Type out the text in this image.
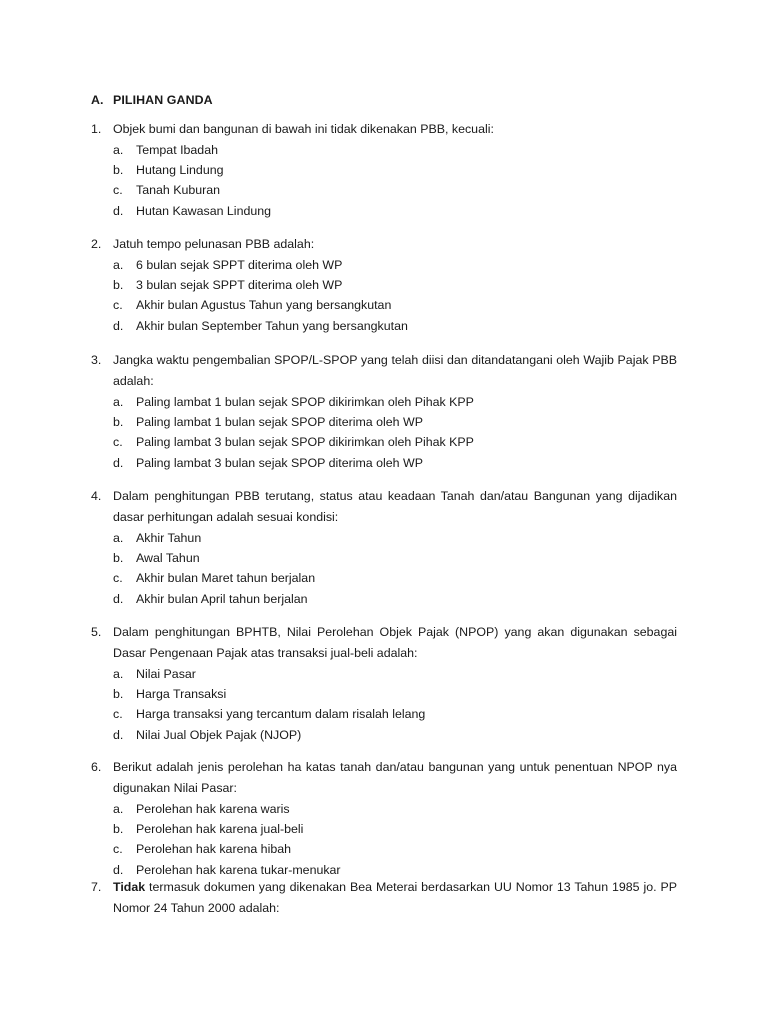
A. PILIHAN GANDA
1. Objek bumi dan bangunan di bawah ini tidak dikenakan PBB, kecuali:
a. Tempat Ibadah
b. Hutang Lindung
c. Tanah Kuburan
d. Hutan Kawasan Lindung
2. Jatuh tempo pelunasan PBB adalah:
a. 6 bulan sejak SPPT diterima oleh WP
b. 3 bulan sejak SPPT diterima oleh WP
c. Akhir bulan Agustus Tahun yang bersangkutan
d. Akhir bulan September Tahun yang bersangkutan
3. Jangka waktu pengembalian SPOP/L-SPOP yang telah diisi dan ditandatangani oleh Wajib Pajak PBB adalah:
a. Paling lambat 1 bulan sejak SPOP dikirimkan oleh Pihak KPP
b. Paling lambat 1 bulan sejak SPOP diterima oleh WP
c. Paling lambat 3 bulan sejak SPOP dikirimkan oleh Pihak KPP
d. Paling lambat 3 bulan sejak SPOP diterima oleh WP
4. Dalam penghitungan PBB terutang, status atau keadaan Tanah dan/atau Bangunan yang dijadikan dasar perhitungan adalah sesuai kondisi:
a. Akhir Tahun
b. Awal Tahun
c. Akhir bulan Maret tahun berjalan
d. Akhir bulan April tahun berjalan
5. Dalam penghitungan BPHTB, Nilai Perolehan Objek Pajak (NPOP) yang akan digunakan sebagai Dasar Pengenaan Pajak atas transaksi jual-beli adalah:
a. Nilai Pasar
b. Harga Transaksi
c. Harga transaksi yang tercantum dalam risalah lelang
d. Nilai Jual Objek Pajak (NJOP)
6. Berikut adalah jenis perolehan ha katas tanah dan/atau bangunan yang untuk penentuan NPOP nya digunakan Nilai Pasar:
a. Perolehan hak karena waris
b. Perolehan hak karena jual-beli
c. Perolehan hak karena hibah
d. Perolehan hak karena tukar-menukar
7. Tidak termasuk dokumen yang dikenakan Bea Meterai berdasarkan UU Nomor 13 Tahun 1985 jo. PP Nomor 24 Tahun 2000 adalah:
